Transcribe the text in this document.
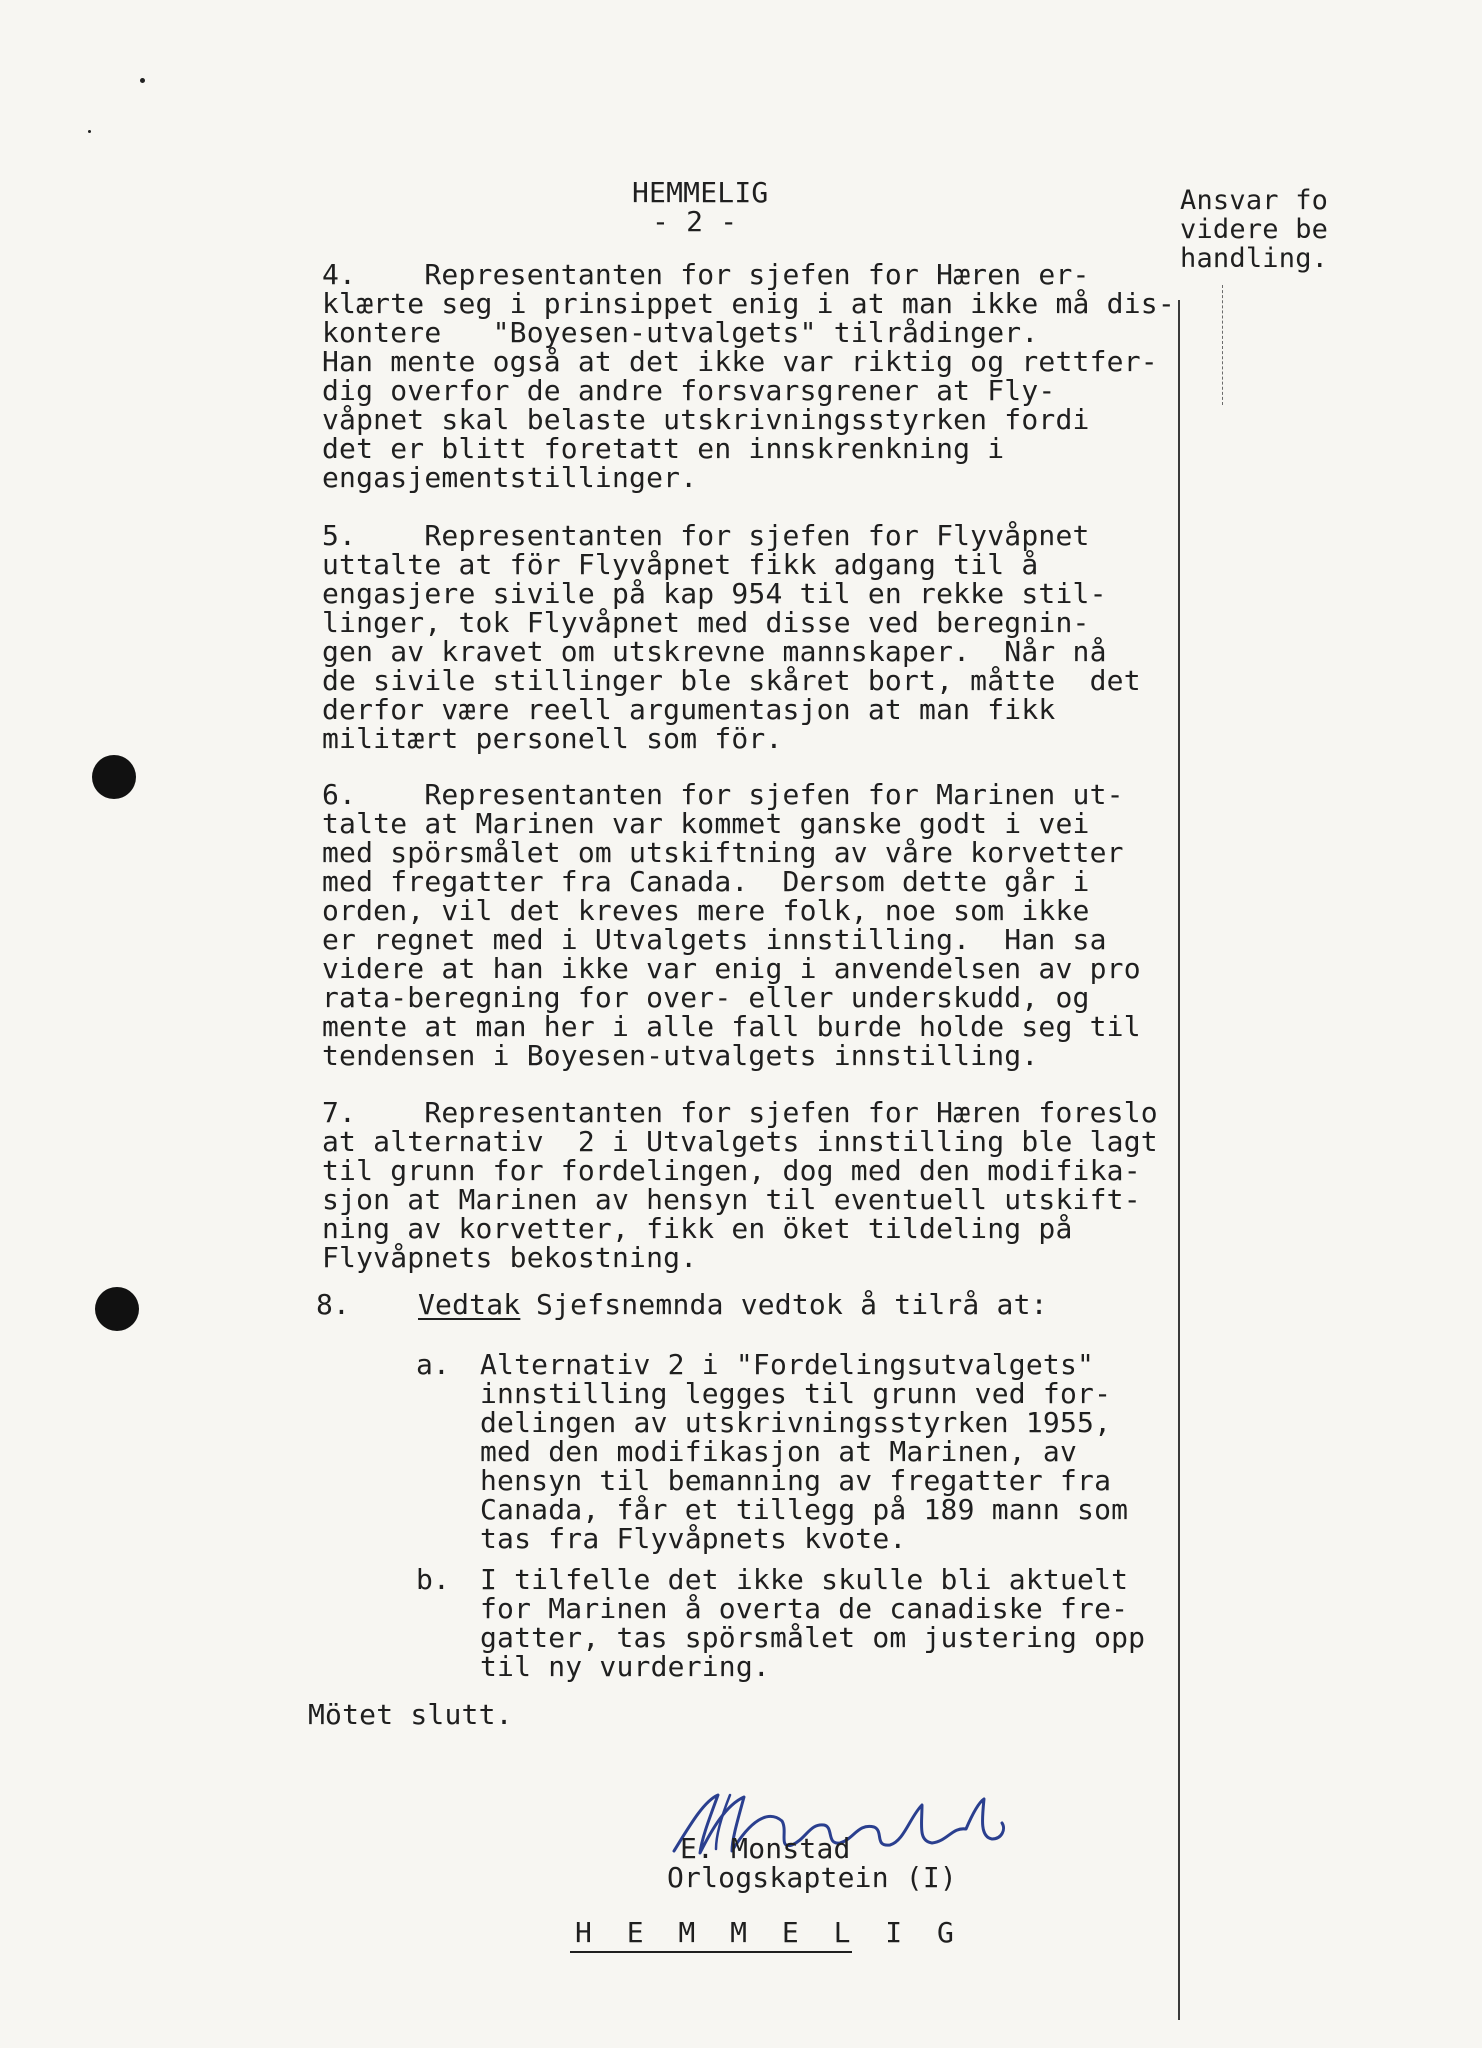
HEMMELIG
- 2 -
Ansvar fo
videre be
handling.
4.    Representanten for sjefen for Hæren er-
klærte seg i prinsippet enig i at man ikke må dis-
kontere   "Boyesen-utvalgets" tilrådinger.
Han mente også at det ikke var riktig og rettfer-
dig overfor de andre forsvarsgrener at Fly-
våpnet skal belaste utskrivningsstyrken fordi
det er blitt foretatt en innskrenkning i
engasjementstillinger.
5.    Representanten for sjefen for Flyvåpnet
uttalte at för Flyvåpnet fikk adgang til å
engasjere sivile på kap 954 til en rekke stil-
linger, tok Flyvåpnet med disse ved beregnin-
gen av kravet om utskrevne mannskaper.  Når nå
de sivile stillinger ble skåret bort, måtte  det
derfor være reell argumentasjon at man fikk
militært personell som för.
6.    Representanten for sjefen for Marinen ut-
talte at Marinen var kommet ganske godt i vei
med spörsmålet om utskiftning av våre korvetter
med fregatter fra Canada.  Dersom dette går i
orden, vil det kreves mere folk, noe som ikke
er regnet med i Utvalgets innstilling.  Han sa
videre at han ikke var enig i anvendelsen av pro
rata-beregning for over- eller underskudd, og
mente at man her i alle fall burde holde seg til
tendensen i Boyesen-utvalgets innstilling.
7.    Representanten for sjefen for Hæren foreslo
at alternativ  2 i Utvalgets innstilling ble lagt
til grunn for fordelingen, dog med den modifika-
sjon at Marinen av hensyn til eventuell utskift-
ning av korvetter, fikk en öket tildeling på
Flyvåpnets bekostning.
8. Vedtak Sjefsnemnda vedtok å tilrå at:
a. Alternativ 2 i "Fordelingsutvalgets"
innstilling legges til grunn ved for-
delingen av utskrivningsstyrken 1955,
med den modifikasjon at Marinen, av
hensyn til bemanning av fregatter fra
Canada, får et tillegg på 189 mann som
tas fra Flyvåpnets kvote.
b. I tilfelle det ikke skulle bli aktuelt
for Marinen å overta de canadiske fre-
gatter, tas spörsmålet om justering opp
til ny vurdering.
Mötet slutt.
E. Monstad
Orlogskaptein (I)
H E M M E L I G
